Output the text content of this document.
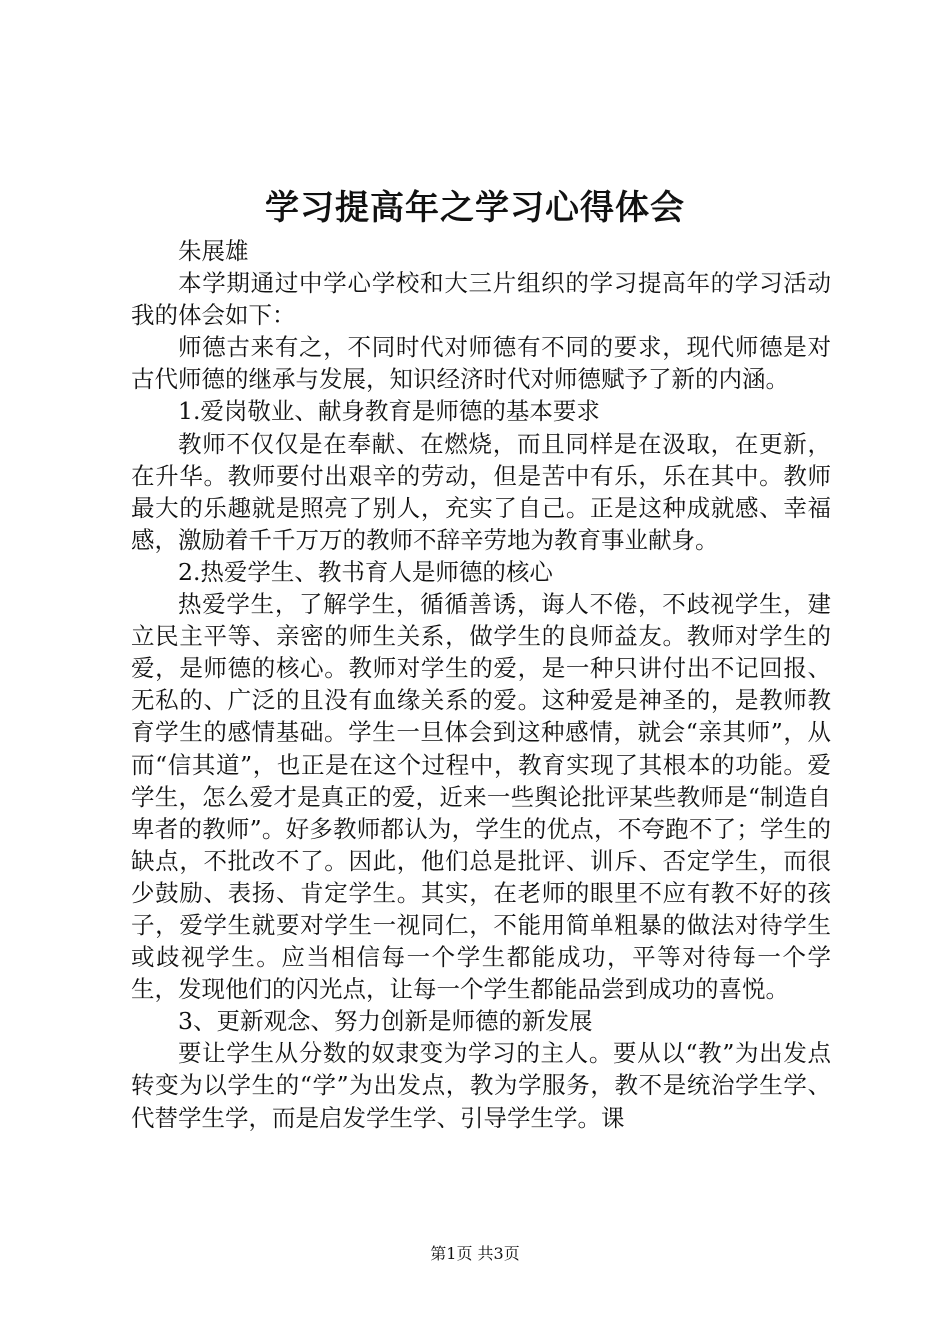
学习提高年之学习心得体会

朱展雄

本学期通过中学心学校和大三片组织的学习提高年的学习活动我的体会如下：

师德古来有之，不同时代对师德有不同的要求，现代师德是对古代师德的继承与发展，知识经济时代对师德赋予了新的内涵。

1.爱岗敬业、献身教育是师德的基本要求

教师不仅仅是在奉献、在燃烧，而且同样是在汲取，在更新，在升华。教师要付出艰辛的劳动，但是苦中有乐，乐在其中。教师最大的乐趣就是照亮了别人，充实了自己。正是这种成就感、幸福感，激励着千千万万的教师不辞辛劳地为教育事业献身。

2.热爱学生、教书育人是师德的核心

热爱学生，了解学生，循循善诱，诲人不倦，不歧视学生，建立民主平等、亲密的师生关系，做学生的良师益友。教师对学生的爱，是师德的核心。教师对学生的爱，是一种只讲付出不记回报、无私的、广泛的且没有血缘关系的爱。这种爱是神圣的，是教师教育学生的感情基础。学生一旦体会到这种感情，就会“亲其师”，从而“信其道”，也正是在这个过程中，教育实现了其根本的功能。爱学生，怎么爱才是真正的爱，近来一些舆论批评某些教师是“制造自卑者的教师”。好多教师都认为，学生的优点，不夸跑不了；学生的缺点，不批改不了。因此，他们总是批评、训斥、否定学生，而很少鼓励、表扬、肯定学生。其实，在老师的眼里不应有教不好的孩子，爱学生就要对学生一视同仁，不能用简单粗暴的做法对待学生或歧视学生。应当相信每一个学生都能成功，平等对待每一个学生，发现他们的闪光点，让每一个学生都能品尝到成功的喜悦。

3、更新观念、努力创新是师德的新发展

要让学生从分数的奴隶变为学习的主人。要从以“教”为出发点转变为以学生的“学”为出发点，教为学服务，教不是统治学生学、代替学生学，而是启发学生学、引导学生学。课

第1页 共3页
